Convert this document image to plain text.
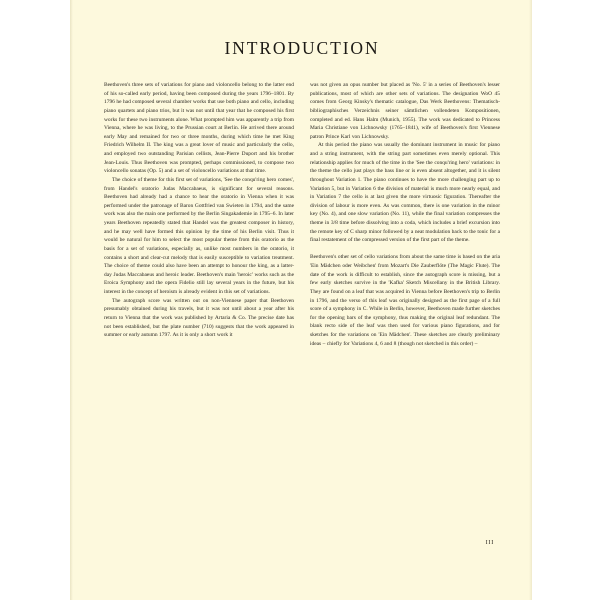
INTRODUCTION

Beethoven's three sets of variations for piano and violoncello belong to the latter end of his so-called early period, having been composed during the years 1796–1801. By 1796 he had composed several chamber works that use both piano and cello, including piano quartets and piano trios, but it was not until that year that he composed his first works for these two instruments alone. What prompted him was apparently a trip from Vienna, where he was living, to the Prussian court at Berlin. He arrived there around early May and remained for two or three months, during which time he met King Friedrich Wilhelm II. The king was a great lover of music and particularly the cello, and employed two outstanding Parisian cellists, Jean-Pierre Duport and his brother Jean-Louis. Thus Beethoven was prompted, perhaps commissioned, to compose two violoncello sonatas (Op. 5) and a set of violoncello variations at that time.

The choice of theme for this first set of variations, 'See the conqu'ring hero comes', from Handel's oratorio Judas Maccabaeus, is significant for several reasons. Beethoven had already had a chance to hear the oratorio in Vienna when it was performed under the patronage of Baron Gottfried van Swieten in 1794, and the same work was also the main one performed by the Berlin Singakademie in 1795–6. In later years Beethoven repeatedly stated that Handel was the greatest composer in history, and he may well have formed this opinion by the time of his Berlin visit. Thus it would be natural for him to select the most popular theme from this oratorio as the basis for a set of variations, especially as, unlike most numbers in the oratorio, it contains a short and clear-cut melody that is easily susceptible to variation treatment. The choice of theme could also have been an attempt to honour the king, as a latter-day Judas Maccabaeus and heroic leader. Beethoven's main 'heroic' works such as the Eroica Symphony and the opera Fidelio still lay several years in the future, but his interest in the concept of heroism is already evident in this set of variations.

The autograph score was written out on non-Viennese paper that Beethoven presumably obtained during his travels, but it was not until about a year after his return to Vienna that the work was published by Artaria & Co. The precise date has not been established, but the plate number (710) suggests that the work appeared in summer or early autumn 1797. As it is only a short work it

was not given an opus number but placed as 'No. 5' in a series of Beethoven's lesser publications, most of which are other sets of variations. The designation WoO 45 comes from Georg Kinsky's thematic catalogue, Das Werk Beethovens: Thematisch-bibliographisches Verzeichnis seiner sämtlichen vollendeten Kompositionen, completed and ed. Hans Halm (Munich, 1955). The work was dedicated to Princess Maria Christiane von Lichnowsky (1765–1841), wife of Beethoven's first Viennese patron Prince Karl von Lichnowsky.

At this period the piano was usually the dominant instrument in music for piano and a string instrument, with the string part sometimes even merely optional. This relationship applies for much of the time in the 'See the conqu'ring hero' variations: in the theme the cello just plays the bass line or is even absent altogether, and it is silent throughout Variation 1. The piano continues to have the more challenging part up to Variation 5, but in Variation 6 the division of material is much more nearly equal, and in Variation 7 the cello is at last given the more virtuosic figuration. Thereafter the division of labour is more even. As was common, there is one variation in the minor key (No. 4), and one slow variation (No. 11), while the final variation compresses the theme in 3/8 time before dissolving into a coda, which includes a brief excursion into the remote key of C sharp minor followed by a neat modulation back to the tonic for a final restatement of the compressed version of the first part of the theme.

Beethoven's other set of cello variations from about the same time is based on the aria 'Ein Mädchen oder Weibchen' from Mozart's Die Zauberflöte (The Magic Flute). The date of the work is difficult to establish, since the autograph score is missing, but a few early sketches survive in the 'Kafka' Sketch Miscellany in the British Library. They are found on a leaf that was acquired in Vienna before Beethoven's trip to Berlin in 1796, and the verso of this leaf was originally designed as the first page of a full score of a symphony in C. While in Berlin, however, Beethoven made further sketches for the opening bars of the symphony, thus making the original leaf redundant. The blank recto side of the leaf was then used for various piano figurations, and for sketches for the variations on 'Ein Mädchen'. These sketches are clearly preliminary ideas – chiefly for Variations 4, 6 and 8 (though not sketched in this order) –

III
